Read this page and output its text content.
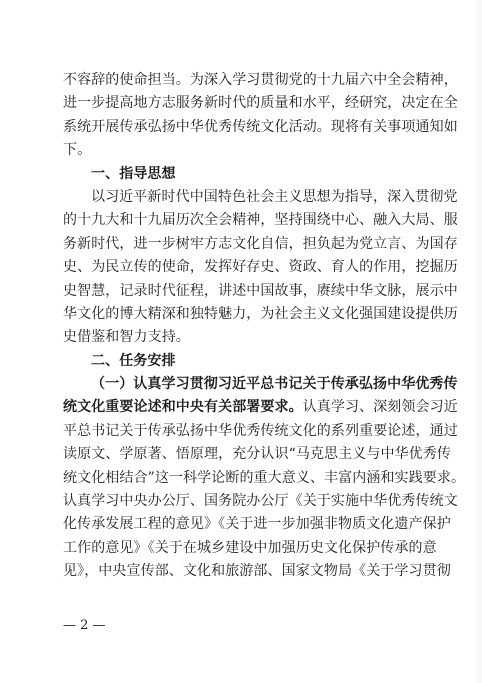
不容辞的使命担当。为深入学习贯彻党的十九届六中全会精神，
进一步提高地方志服务新时代的质量和水平，经研究，决定在全
系统开展传承弘扬中华优秀传统文化活动。现将有关事项通知如
下。
一、指导思想
以习近平新时代中国特色社会主义思想为指导，深入贯彻党
的十九大和十九届历次全会精神，坚持围绕中心、融入大局、服
务新时代，进一步树牢方志文化自信，担负起为党立言、为国存
史、为民立传的使命，发挥好存史、资政、育人的作用，挖掘历
史智慧，记录时代征程，讲述中国故事，赓续中华文脉，展示中
华文化的博大精深和独特魅力，为社会主义文化强国建设提供历
史借鉴和智力支持。
二、任务安排
（一）认真学习贯彻习近平总书记关于传承弘扬中华优秀传
统文化重要论述和中央有关部署要求。认真学习、深刻领会习近
平总书记关于传承弘扬中华优秀传统文化的系列重要论述，通过
读原文、学原著、悟原理，充分认识“马克思主义与中华优秀传
统文化相结合”这一科学论断的重大意义、丰富内涵和实践要求。
认真学习中央办公厅、国务院办公厅《关于实施中华优秀传统文
化传承发展工程的意见》《关于进一步加强非物质文化遗产保护
工作的意见》《关于在城乡建设中加强历史文化保护传承的意
见》，中央宣传部、文化和旅游部、国家文物局《关于学习贯彻
— 2 —
